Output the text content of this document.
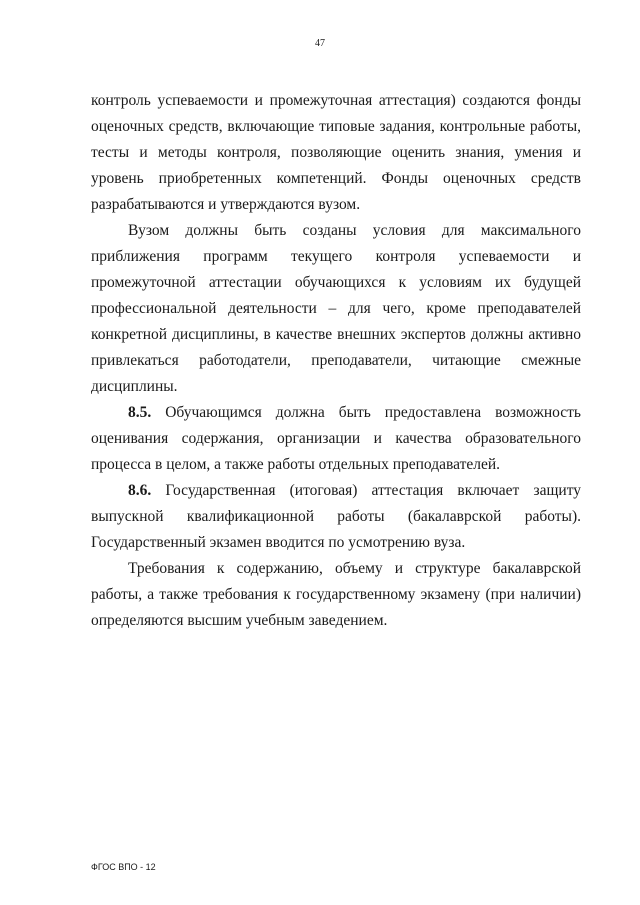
47

контроль успеваемости и промежуточная аттестация) создаются фонды оценочных средств, включающие типовые задания, контрольные работы, тесты и методы контроля, позволяющие оценить знания, умения и уровень приобретенных компетенций. Фонды оценочных средств разрабатываются и утверждаются вузом.

Вузом должны быть созданы условия для максимального приближения программ текущего контроля успеваемости и промежуточной аттестации обучающихся к условиям их будущей профессиональной деятельности – для чего, кроме преподавателей конкретной дисциплины, в качестве внешних экспертов должны активно привлекаться работодатели, преподаватели, читающие смежные дисциплины.

8.5. Обучающимся должна быть предоставлена возможность оценивания содержания, организации и качества образовательного процесса в целом, а также работы отдельных преподавателей.

8.6. Государственная (итоговая) аттестация включает защиту выпускной квалификационной работы (бакалаврской работы). Государственный экзамен вводится по усмотрению вуза.

Требования к содержанию, объему и структуре бакалаврской работы, а также требования к государственному экзамену (при наличии) определяются высшим учебным заведением.

ФГОС ВПО - 12
